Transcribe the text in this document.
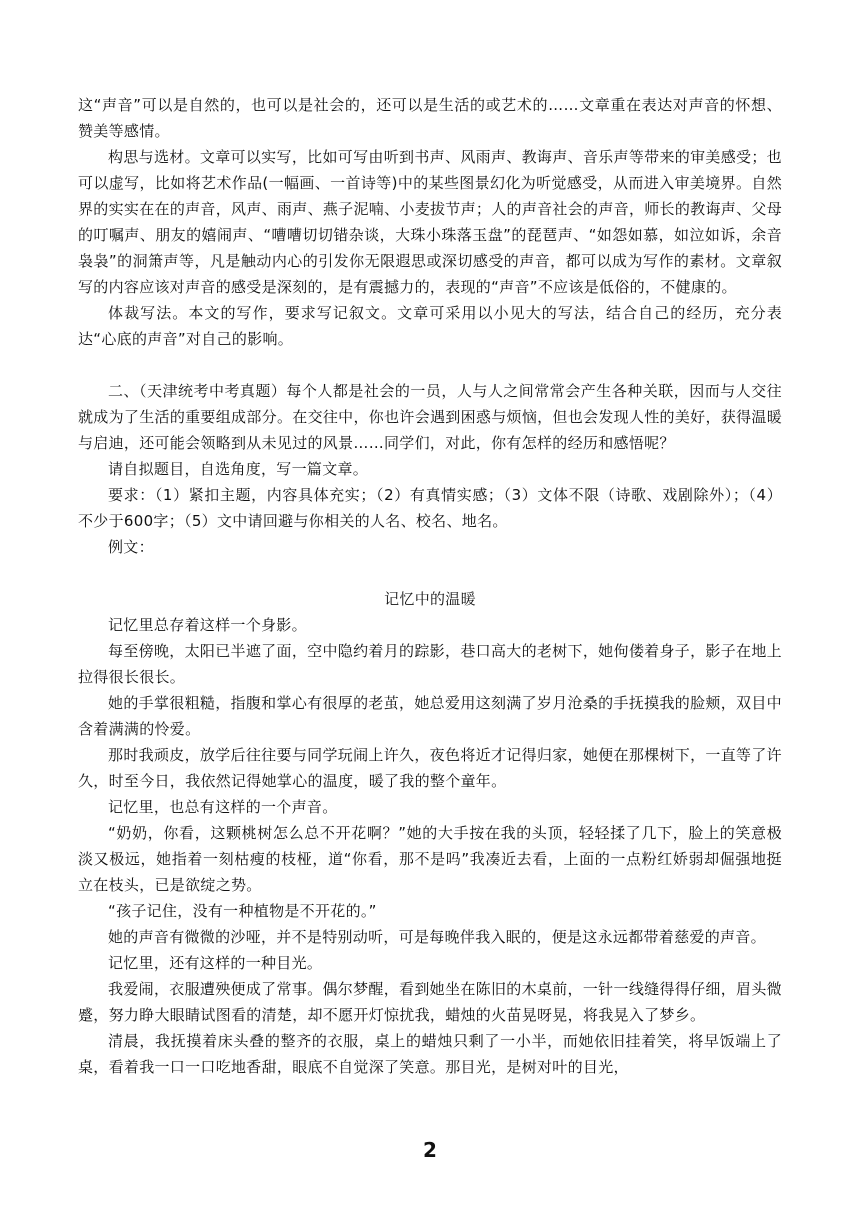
这“声音”可以是自然的，也可以是社会的，还可以是生活的或艺术的……文章重在表达对声音的怀想、赞美等感情。

构思与选材。文章可以实写，比如可写由听到书声、风雨声、教诲声、音乐声等带来的审美感受；也可以虚写，比如将艺术作品(一幅画、一首诗等)中的某些图景幻化为听觉感受，从而进入审美境界。自然界的实实在在的声音，风声、雨声、燕子泥喃、小麦拔节声；人的声音社会的声音，师长的教诲声、父母的叮嘱声、朋友的嬉闹声、“嘈嘈切切错杂谈，大珠小珠落玉盘”的琵琶声、“如怨如慕，如泣如诉，余音袅袅”的洞箫声等，凡是触动内心的引发你无限遐思或深切感受的声音，都可以成为写作的素材。文章叙写的内容应该对声音的感受是深刻的，是有震撼力的，表现的“声音”不应该是低俗的，不健康的。

体裁写法。本文的写作，要求写记叙文。文章可采用以小见大的写法，结合自己的经历，充分表达“心底的声音”对自己的影响。

二、（天津统考中考真题）每个人都是社会的一员，人与人之间常常会产生各种关联，因而与人交往就成为了生活的重要组成部分。在交往中，你也许会遇到困惑与烦恼，但也会发现人性的美好，获得温暖与启迪，还可能会领略到从未见过的风景……同学们，对此，你有怎样的经历和感悟呢？

请自拟题目，自选角度，写一篇文章。

要求：（1）紧扣主题，内容具体充实；（2）有真情实感；（3）文体不限（诗歌、戏剧除外）；（4）不少于600字；（5）文中请回避与你相关的人名、校名、地名。

例文：

记忆中的温暖

记忆里总存着这样一个身影。

每至傍晚，太阳已半遮了面，空中隐约着月的踪影，巷口高大的老树下，她佝偻着身子，影子在地上拉得很长很长。

她的手掌很粗糙，指腹和掌心有很厚的老茧，她总爱用这刻满了岁月沧桑的手抚摸我的脸颊，双目中含着满满的怜爱。

那时我顽皮，放学后往往要与同学玩闹上许久，夜色将近才记得归家，她便在那棵树下，一直等了许久，时至今日，我依然记得她掌心的温度，暖了我的整个童年。

记忆里，也总有这样的一个声音。

“奶奶，你看，这颗桃树怎么总不开花啊？”她的大手按在我的头顶，轻轻揉了几下，脸上的笑意极淡又极远，她指着一刻枯瘦的枝桠，道“你看，那不是吗”我凑近去看，上面的一点粉红娇弱却倔强地挺立在枝头，已是欲绽之势。

“孩子记住，没有一种植物是不开花的。”

她的声音有微微的沙哑，并不是特别动听，可是每晚伴我入眠的，便是这永远都带着慈爱的声音。

记忆里，还有这样的一种目光。

我爱闹，衣服遭殃便成了常事。偶尔梦醒，看到她坐在陈旧的木桌前，一针一线缝得得仔细，眉头微蹙，努力睁大眼睛试图看的清楚，却不愿开灯惊扰我，蜡烛的火苗晃呀晃，将我晃入了梦乡。

清晨，我抚摸着床头叠的整齐的衣服，桌上的蜡烛只剩了一小半，而她依旧挂着笑，将早饭端上了桌，看着我一口一口吃地香甜，眼底不自觉深了笑意。那目光，是树对叶的目光，

2
